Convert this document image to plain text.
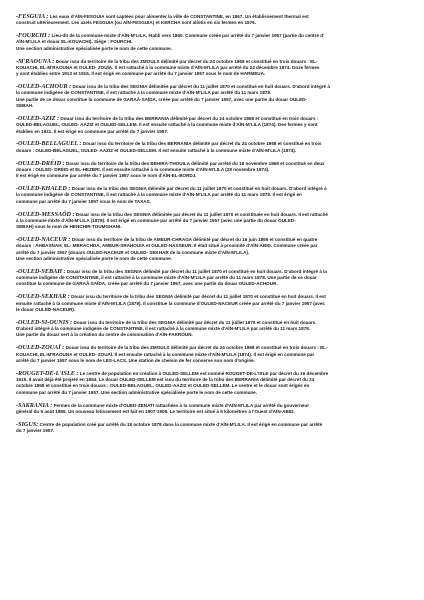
-FESGUIA : Les eaux d'AÏN-FESGUIA sont captées pour alimenter la ville de CONSTANTINE, en 1867. Un établissement thermal est
construit ultérieurement. Les azels FESGUIA (ou AÏN-FESGUIA) et KERCHA sont allotis en six fermes en 1876.

-FOURCHI : Lieu-dit de la commune mixte d'AÏN-M'LILA, établi vers 1860. Commune créée par arrêté du 7 janvier 1957 (partie du centre d'
AÏN-M'LILA et douar EL-KOUACHI). Siège : FOURCHI.
Une section administrative spécialisée porte le nom de cette commune.

-M'RAOUNA : Douar issu du territoire de la tribu des ZMOULS délimité par décret du 24 octobre 1868 et constitué en trois douars : EL-
KOUACHI, EL-M'RAOUNA et OULED- ZOUÏA. Il est rattaché à la commune mixte d'AÏN-M'LILA par arrêté du 24 décembre 1874. Onze fermes
y sont établies entre 1913 et 1916. Il est érigé en commune par arrêté du 7 janvier 1957 sous le nom de HARMEUA.

-OULED-ACHOUR : Douar issu de la tribu des SEGNIA délimitée par décret du 11 juillet 1870 et constitué en huit douars. D'abord intégré à
la commune indigène de CONSTANTINE, il est rattaché à la commune mixte d'AÏN-M'LILA par arrêté du 11 mars 1878.
Une partie de ce douar constitue la commune de GARAÂ-SAÏDA, créée par arrêté du 7 janvier 1957, avec une partie du douar OULED-
SEBAH.

-OULED-AZIZ : Douar issu du territoire de la tribu des BERRANIA délimité par décret du 24 octobre 1868 et constitué en trois douars :
OULED-BELAGUEL, OULED- AAZIZ et OULED-SELLEM. Il est ensuite rattaché à la commune mixte d'AÏN-M'LILA (1874). Des fermes y sont
établies en 1921. Il est érigé en commune par arrêté du 7 janvier 1957.

-OULED-BELLAGUEL : Douar issu du territoire de la tribu des BERRANIA délimité par décret du 24 octobre 1868 et constitué en trois
douars : OULED-BELAGUEL, OULED- AAZIZ et OULED-SELLEM. Il est ensuite rattaché à la commune mixte d'AÏN-M'LILA (1874).

-OULED-DRÉID : Douar issu du territoire de la tribu des BEHIRA-THOUILA délimité par arrêté du 18 novembre 1868 et constitué en deux
douars : OULED- DRÉID et EL-HEZBRI. Il est ensuite rattaché à la commune mixte d'AÏN-M'LILA (28 novembre 1874).
Il est érigé en commune par arrêté du 7 janvier 1957 sous le nom d'AÏN-EL-BORDJ.

-OULED-KHALED : Douar issu de la tribu des SEGNIA délimité par décret du 11 juillet 1870 et constitué en huit douars. D'abord intégré à
la commune indigène de CONSTANTINE, il est rattaché à la commune mixte d'AÏN-M'LILA par arrêté du 11 mars 1878. Il est érigé en
commune par arrêté du 7 janvier 1957 sous le nom de TAXAS.

-OULED-MESSAÔD : Douar issu de la tribu des SEGNIA délimitée par décret du 11 juillet 1870 et constituée en huit douars. Il est rattaché
à la commune mixte d'AÏN-M'LILA (1878). Il est érigé en commune par arrêté du 7 janvier 1957 (avec une partie du douar OULED-
SEBAH) sous le nom de HENCHIR-TOUMGHANI.

-OULED-NACEUR : Douar issu du territoire de la tribu de AMEUR-CHRAGA délimité par décret du 16 juin 1866 et constitué en quatre
douars : AHBASNAH, EL- MERACHDA, AMEUR-SRAHOUIA et OULED-NASSEUR. Il était situé à proximité d'AÏN-ABID. Commune créée par
arrêté du 7 janvier 1957 (douars OULED-NACEUR et OULED- SEKHAR de la commune mixte d'AÏN-M'LILA).
Une section administrative spécialisée porte le nom de cette commune.

-OULED-SEBAH : Douar issu de la tribu des SEGNIA délimité par décret du 11 juillet 1870 et constitué en huit douars. D'abord intégré à la
commune indigène de CONSTANTINE, il est rattaché à la commune mixte d'AÏN-M'LILA par arrêté du 11 mars 1878. Une partie de ce douar
constitue la commune de GARAÂ-SAÏDA, créée par arrêté du 7 janvier 1957, avec une partie du douar OULED-ACHOUR.

-OULED-SEKHAR : Douar issu du territoire de la tribu des SEGNIA délimité par décret du 11 juillet 1870 et constitué en huit douars. Il est
ensuite rattaché à la commune mixte d'AÏN-M'LILA (1878). Il constitue la commune d'OULED-NACEUR créée par arrêté du 7 janvier 1957 (avec
le douar OULED-NACEUR).

-OULED-SI-OUNIS : Douar issu du territoire de la tribu des SEGNIA délimité par décret du 11 juillet 1870 et constitué en huit douars.
D'abord intégré à la commune indigène de CONSTANTINE, il est rattaché à la commune mixte d'AÏN-M'LILA par arrêté du 11 mars 1878.
Une partie du douar sert à la création du centre de colonisation d'AÏN-FAKROUN.

-OULED-ZOUAÏ : Douar issu du territoire de la tribu des ZMOULS délimité par décret du 24 octobre 1868 et constitué en trois douars : EL-
KOUACHI, EL-M'RAOUNA et OULED- ZOUAÏ. Il est ensuite rattaché à la commune mixte d'AÏN-M'LILA (1874). Il est érigé en commune par
arrêté du 7 janvier 1957 sous le nom de LES-LACS. Une station de chemin de fer conserve son nom d'origine.

-ROUGET-DE-L'ISLE : Le centre de population en création à OULED-SELLEM est nommé ROUGET-DE-L'ISLE par décret du 16 décembre
1915. Il avait déjà été projeté en 1854. Le douar OULED-SELLEM est issu du territoire de la tribu des BERRANIA délimité par décret du 24
octobre 1868 et constitué en trois douars : OULED-BELAGUEL, OULED-AAZIZ et OULED-SELLEM. Le centre et le douar sont érigés en
commune par arrêté du 7 janvier 1957. Une section administrative spécialisée porte le nom de cette commune.

-SAKRANIA : Fermes de la commune mixte d'OUED-ZENATI rattachées à la commune mixte d'AÏN-M'LILA par arrêté du gouverneur
général du 5 août 1886. Un nouveau lotissement est fait en 1907-1908. Le territoire est situé à 5 kilomètres à l'Ouest d'AÏN-ABID.

-SIGUS: Centre de population créé par arrêté du 18 octobre 1878 dans la commune mixte d'AÏN-M'LILA. Il est érigé en commune par arrêté
du 7 janvier 1957.
